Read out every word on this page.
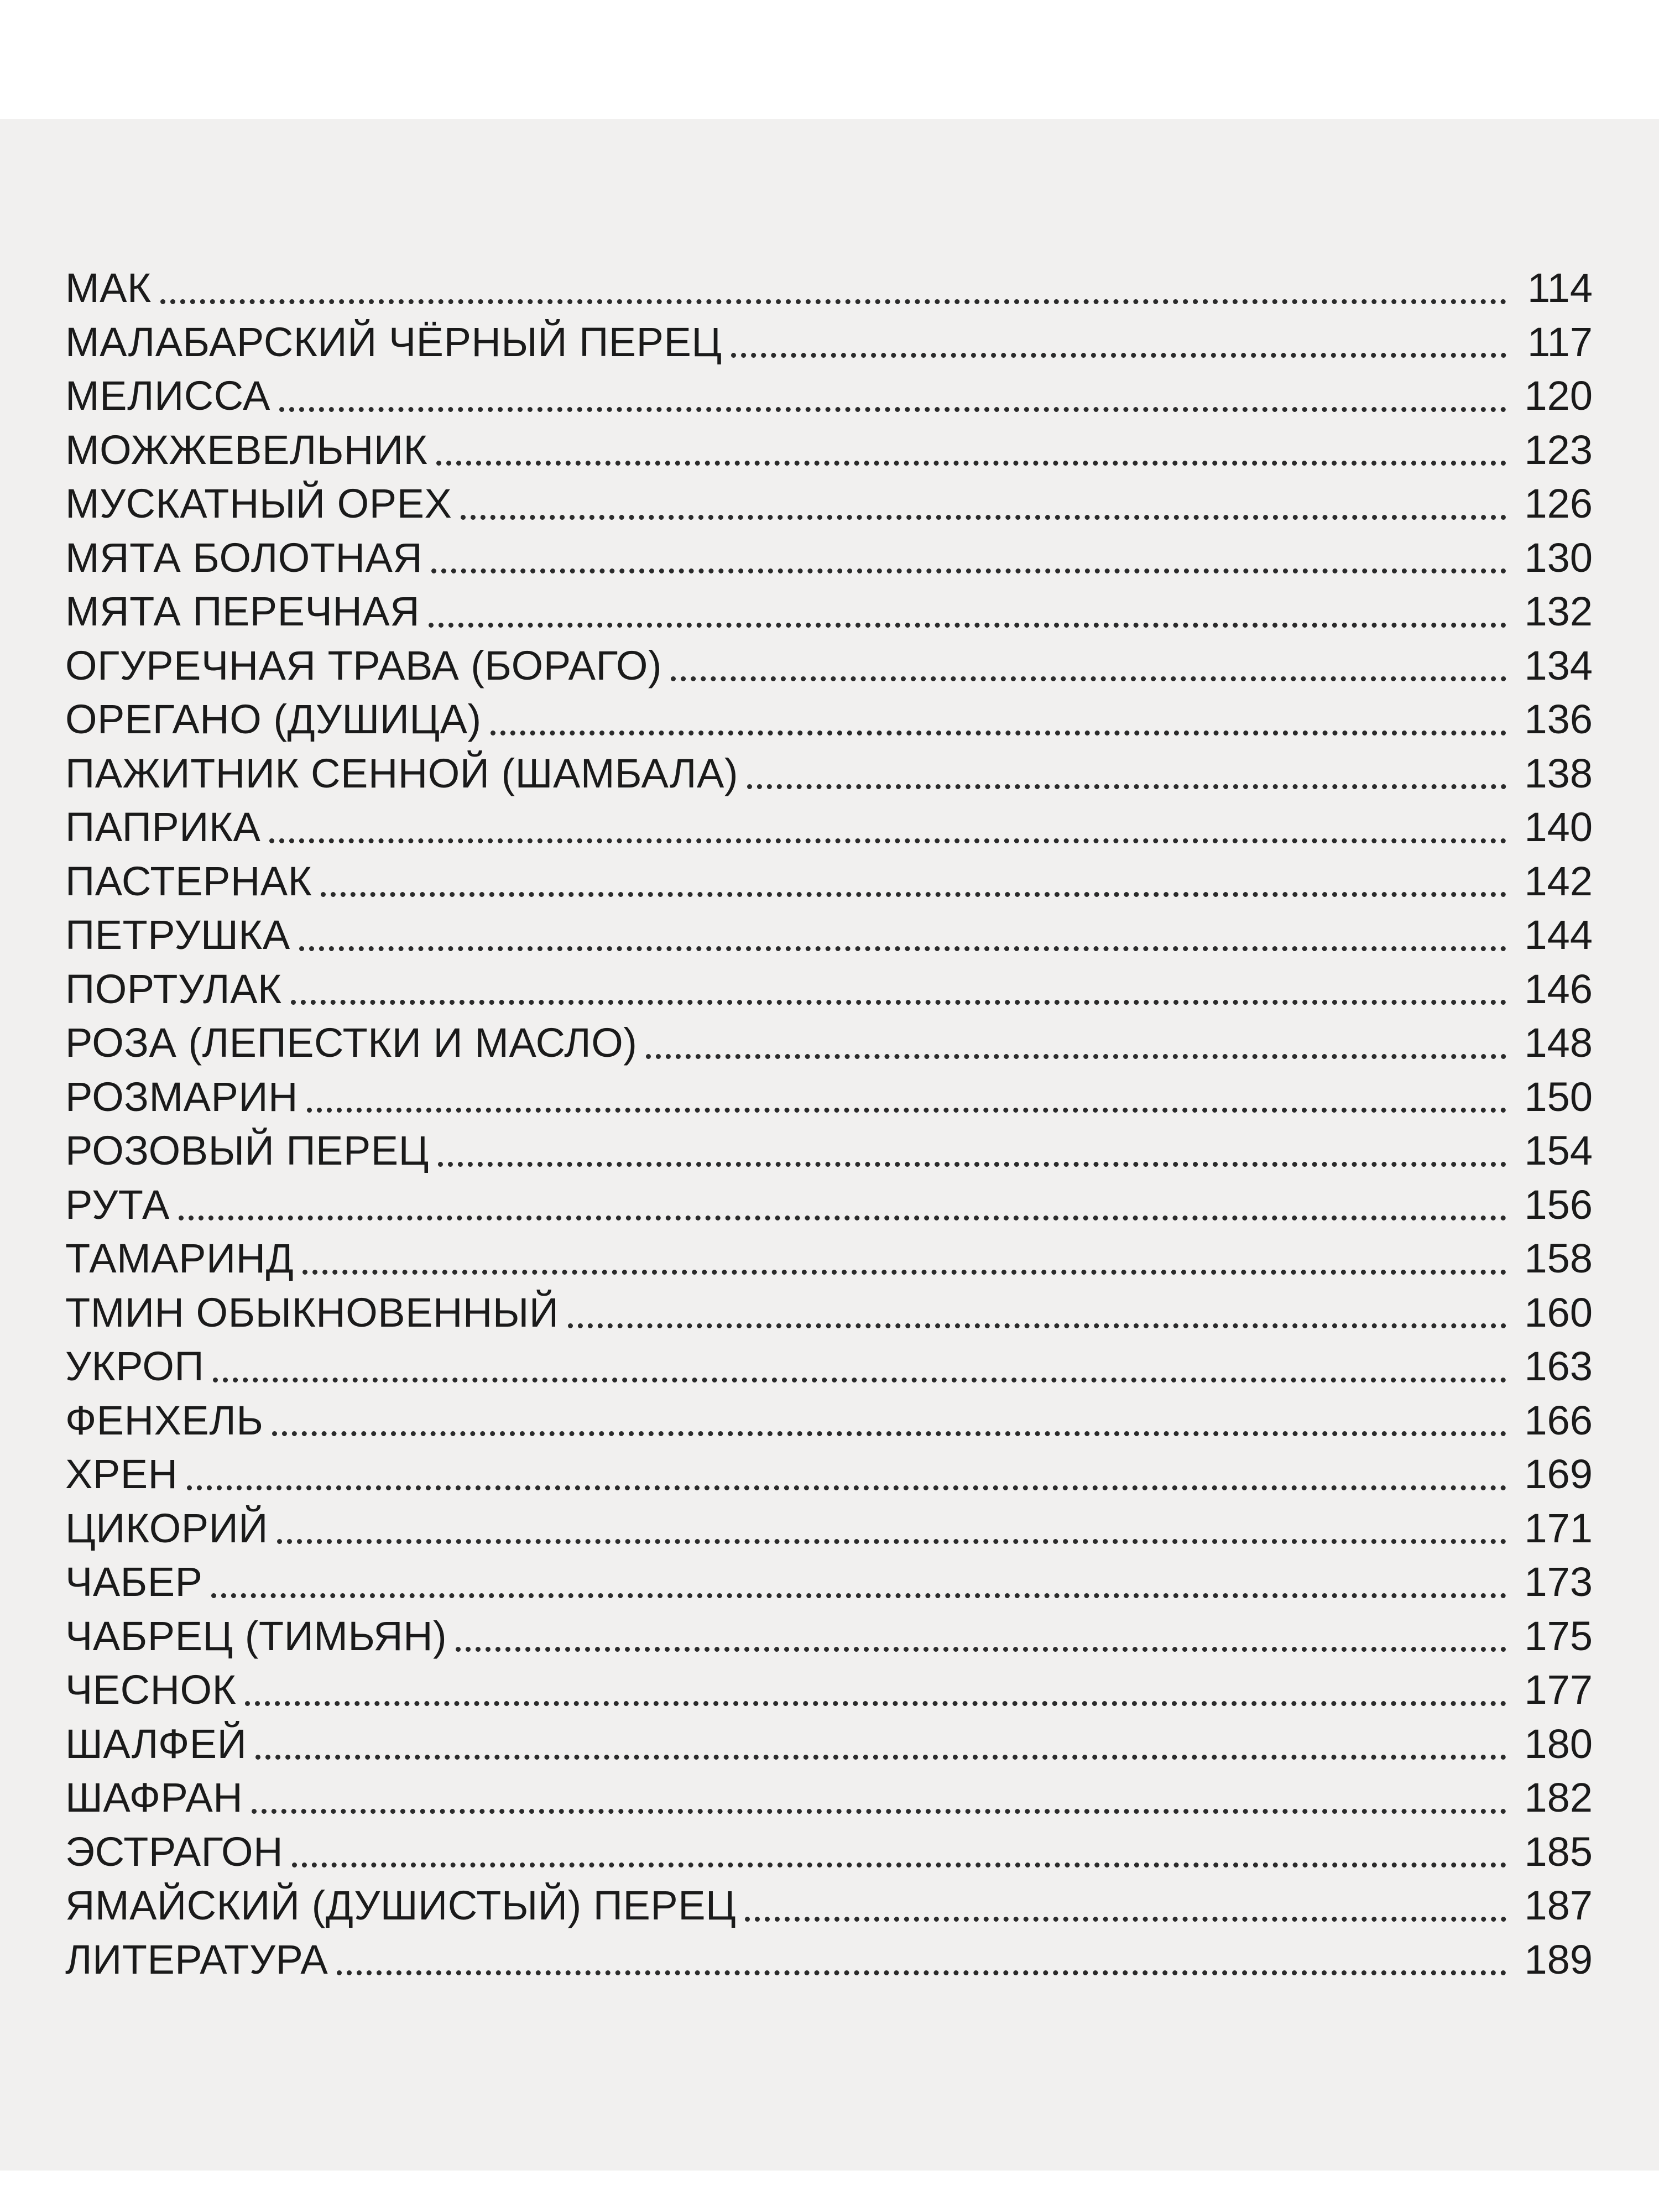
МАК	114
МАЛАБАРСКИЙ ЧЁРНЫЙ ПЕРЕЦ	117
МЕЛИССА	120
МОЖЖЕВЕЛЬНИК	123
МУСКАТНЫЙ ОРЕХ	126
МЯТА БОЛОТНАЯ	130
МЯТА ПЕРЕЧНАЯ	132
ОГУРЕЧНАЯ ТРАВА (БОРАГО)	134
ОРЕГАНО (ДУШИЦА)	136
ПАЖИТНИК СЕННОЙ (ШАМБАЛА)	138
ПАПРИКА	140
ПАСТЕРНАК	142
ПЕТРУШКА	144
ПОРТУЛАК	146
РОЗА (ЛЕПЕСТКИ И МАСЛО)	148
РОЗМАРИН	150
РОЗОВЫЙ ПЕРЕЦ	154
РУТА	156
ТАМАРИНД	158
ТМИН ОБЫКНОВЕННЫЙ	160
УКРОП	163
ФЕНХЕЛЬ	166
ХРЕН	169
ЦИКОРИЙ	171
ЧАБЕР	173
ЧАБРЕЦ (ТИМЬЯН)	175
ЧЕСНОК	177
ШАЛФЕЙ	180
ШАФРАН	182
ЭСТРАГОН	185
ЯМАЙСКИЙ (ДУШИСТЫЙ) ПЕРЕЦ	187
ЛИТЕРАТУРА	189
